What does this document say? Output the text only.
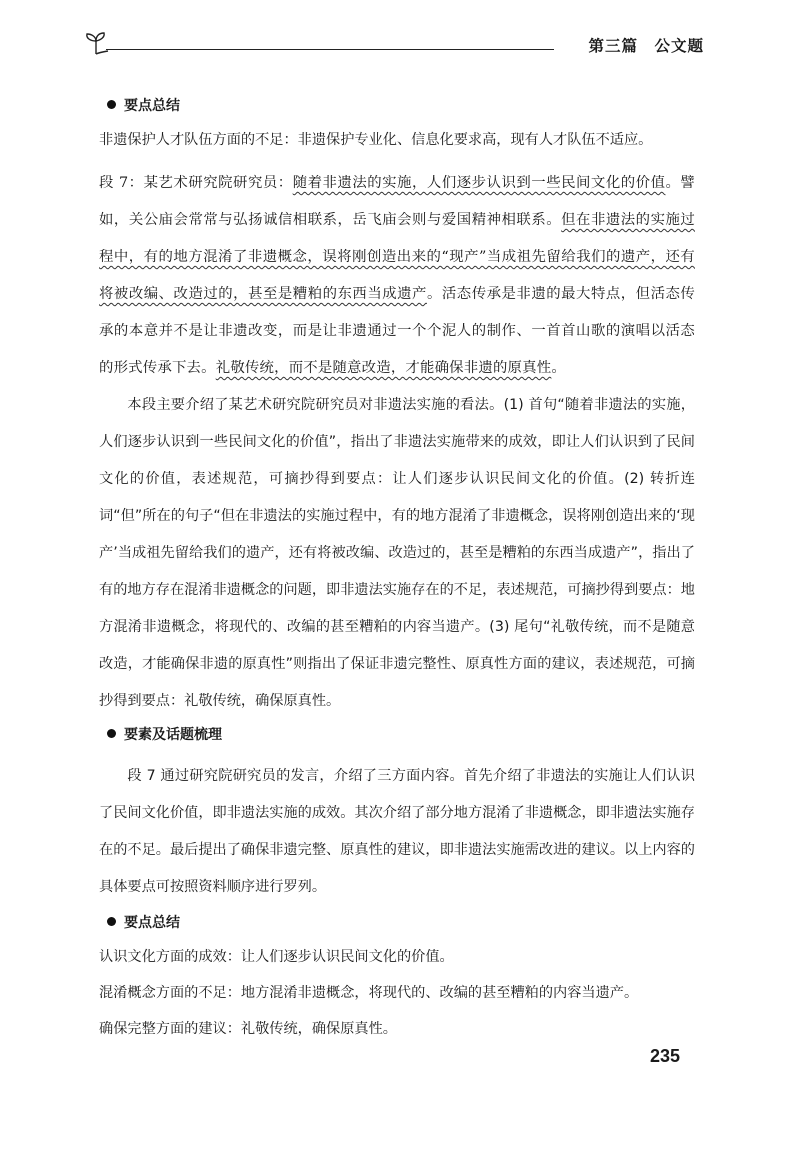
第三篇　公文题
要点总结
非遗保护人才队伍方面的不足：非遗保护专业化、信息化要求高，现有人才队伍不适应。

段 7：某艺术研究院研究员：随着非遗法的实施，人们逐步认识到一些民间文化的价值。譬如，关公庙会常常与弘扬诚信相联系，岳飞庙会则与爱国精神相联系。但在非遗法的实施过程中，有的地方混淆了非遗概念，误将刚创造出来的“现产”当成祖先留给我们的遗产，还有将被改编、改造过的，甚至是糟粕的东西当成遗产。活态传承是非遗的最大特点，但活态传承的本意并不是让非遗改变，而是让非遗通过一个个泥人的制作、一首首山歌的演唱以活态的形式传承下去。礼敬传统，而不是随意改造，才能确保非遗的原真性。

本段主要介绍了某艺术研究院研究员对非遗法实施的看法。(1) 首句“随着非遗法的实施，人们逐步认识到一些民间文化的价值”，指出了非遗法实施带来的成效，即让人们认识到了民间文化的价值，表述规范，可摘抄得到要点：让人们逐步认识民间文化的价值。(2) 转折连词“但”所在的句子“但在非遗法的实施过程中，有的地方混淆了非遗概念，误将刚创造出来的‘现产’当成祖先留给我们的遗产，还有将被改编、改造过的，甚至是糟粕的东西当成遗产”，指出了有的地方存在混淆非遗概念的问题，即非遗法实施存在的不足，表述规范，可摘抄得到要点：地方混淆非遗概念，将现代的、改编的甚至糟粕的内容当遗产。(3) 尾句“礼敬传统，而不是随意改造，才能确保非遗的原真性”则指出了保证非遗完整性、原真性方面的建议，表述规范，可摘抄得到要点：礼敬传统，确保原真性。

要素及话题梳理

段 7 通过研究院研究员的发言，介绍了三方面内容。首先介绍了非遗法的实施让人们认识了民间文化价值，即非遗法实施的成效。其次介绍了部分地方混淆了非遗概念，即非遗法实施存在的不足。最后提出了确保非遗完整、原真性的建议，即非遗法实施需改进的建议。以上内容的具体要点可按照资料顺序进行罗列。

要点总结
认识文化方面的成效：让人们逐步认识民间文化的价值。
混淆概念方面的不足：地方混淆非遗概念，将现代的、改编的甚至糟粕的内容当遗产。
确保完整方面的建议：礼敬传统，确保原真性。
235
